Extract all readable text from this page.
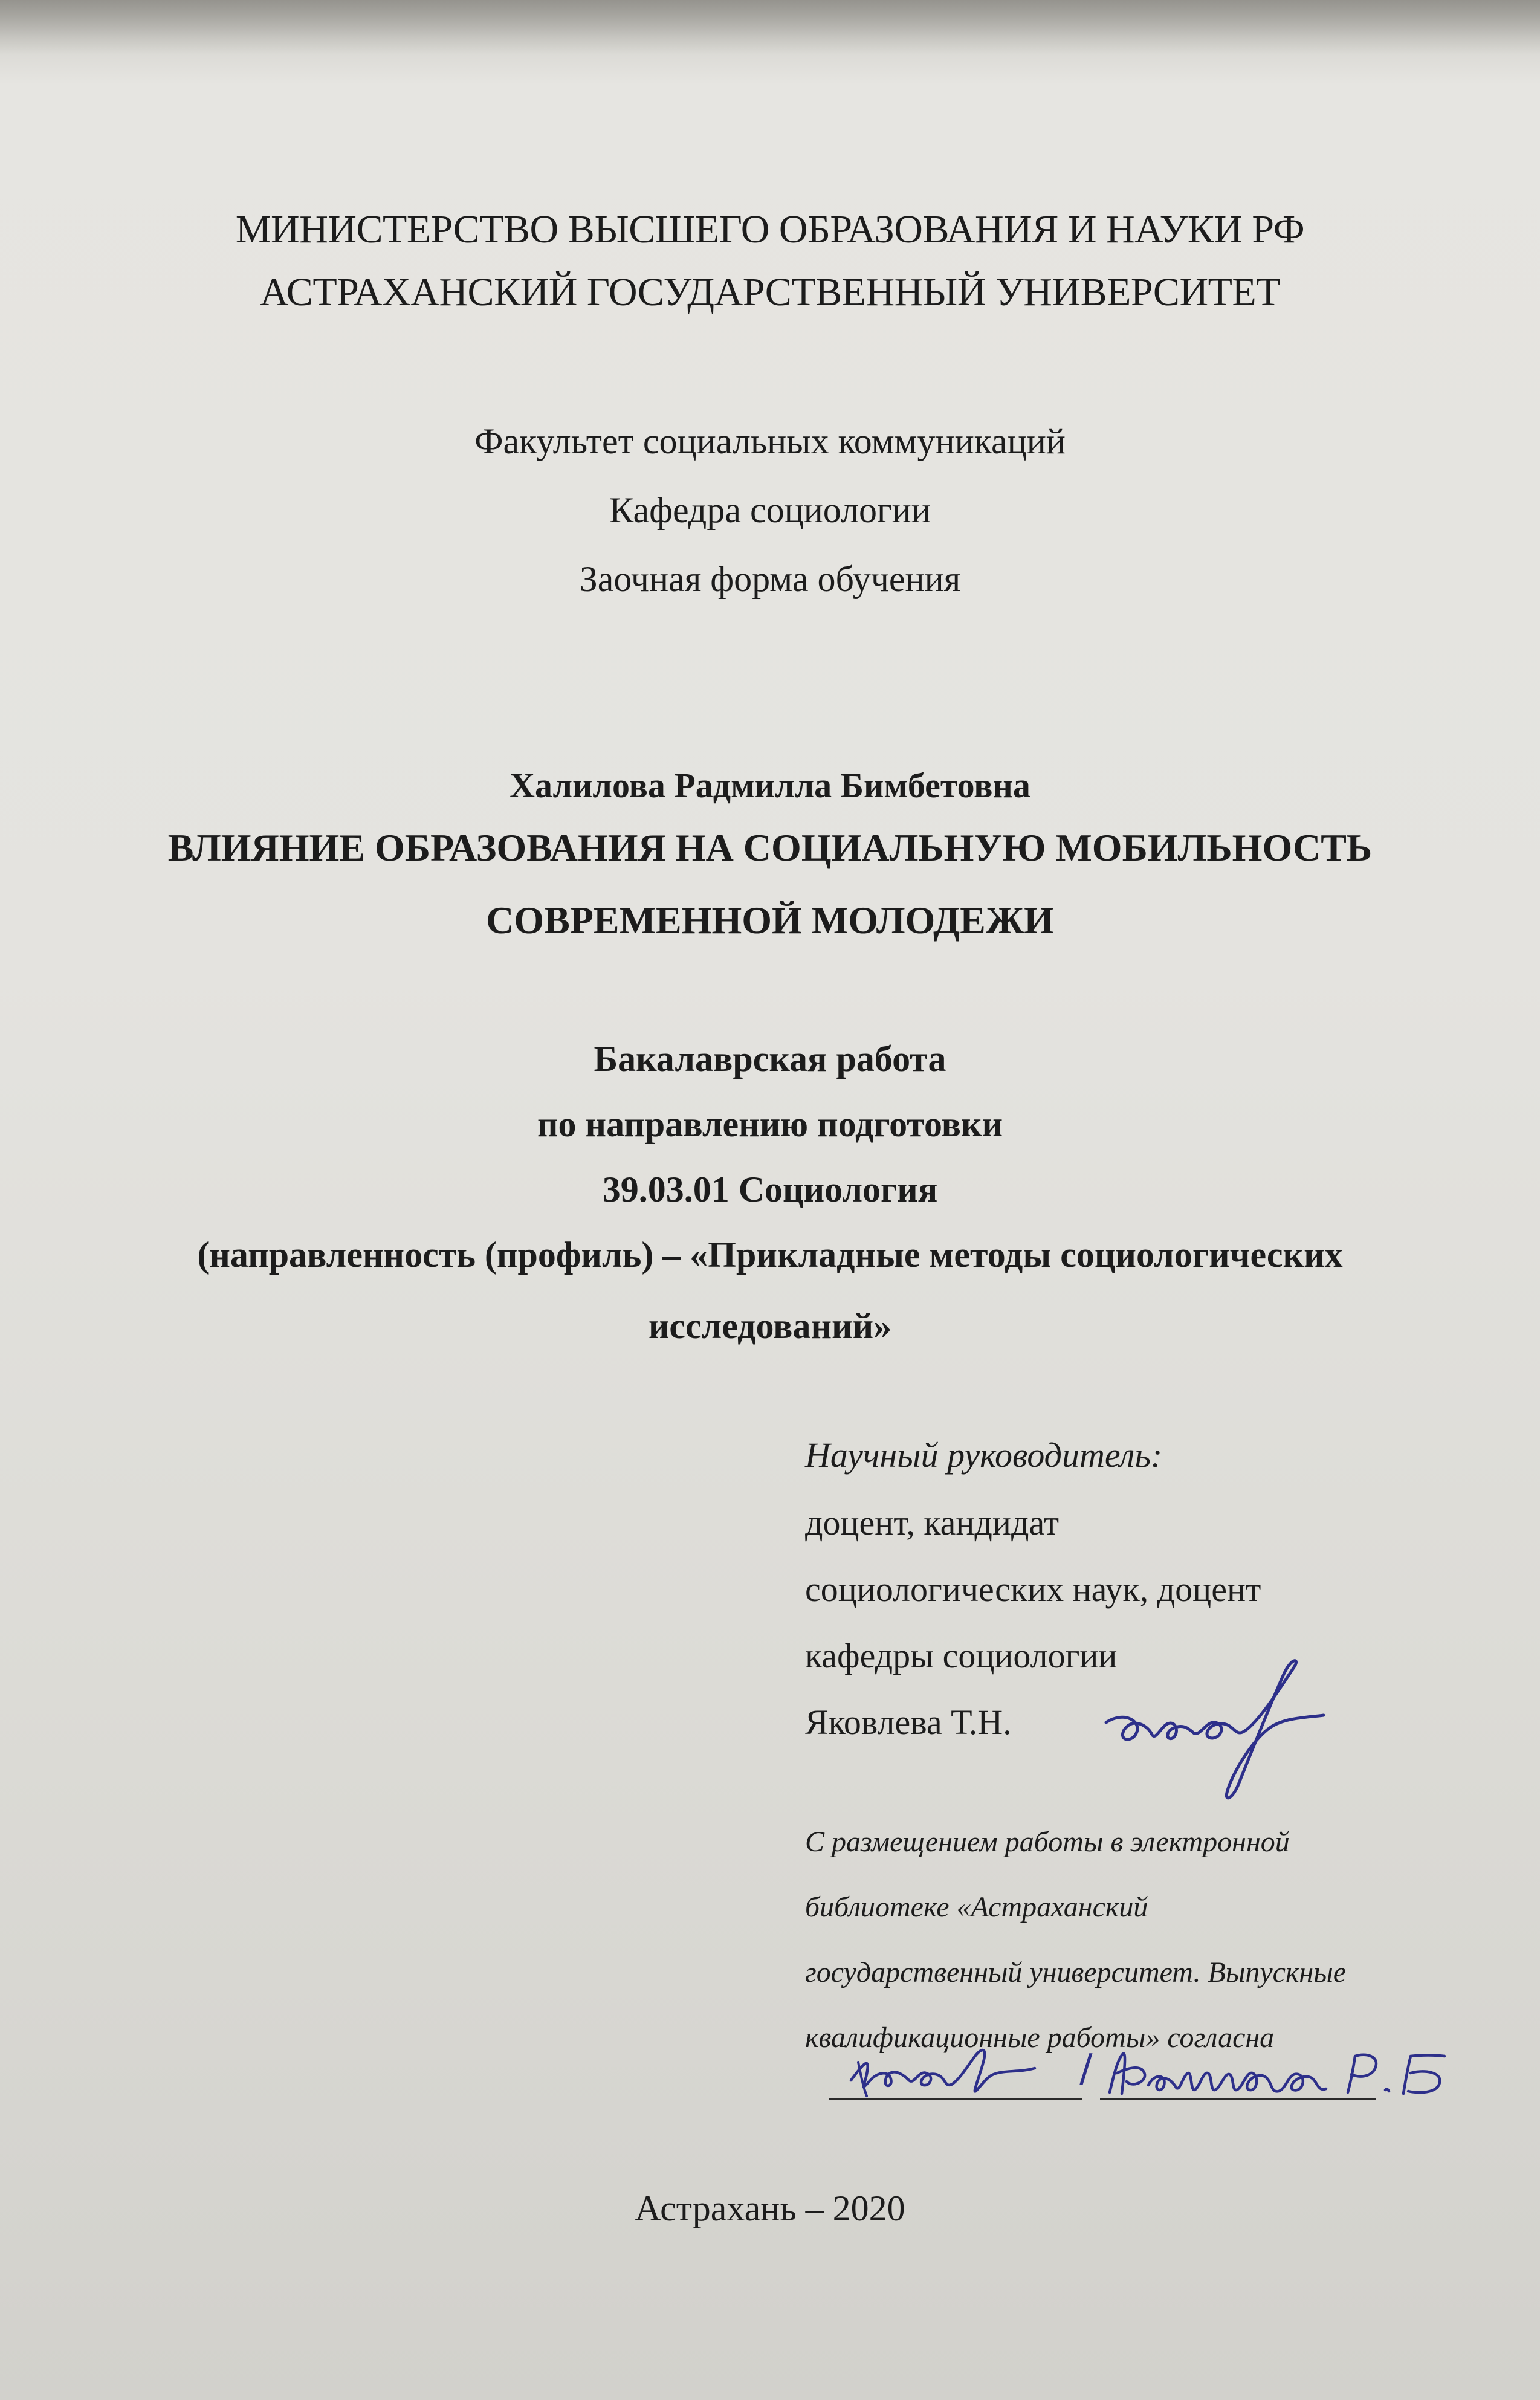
МИНИСТЕРСТВО ВЫСШЕГО ОБРАЗОВАНИЯ И НАУКИ РФ
АСТРАХАНСКИЙ ГОСУДАРСТВЕННЫЙ УНИВЕРСИТЕТ
Факультет социальных коммуникаций
Кафедра социологии
Заочная форма обучения
Халилова Радмилла Бимбетовна
ВЛИЯНИЕ ОБРАЗОВАНИЯ НА СОЦИАЛЬНУЮ МОБИЛЬНОСТЬ
СОВРЕМЕННОЙ МОЛОДЕЖИ
Бакалаврская работа
по направлению подготовки
39.03.01 Социология
(направленность (профиль) – «Прикладные методы социологических
исследований»
Научный руководитель:
доцент, кандидат
социологических наук, доцент
кафедры социологии
Яковлева Т.Н.
С размещением работы в электронной
библиотеке «Астраханский
государственный университет. Выпускные
квалификационные работы» согласна
/
Астрахань – 2020
